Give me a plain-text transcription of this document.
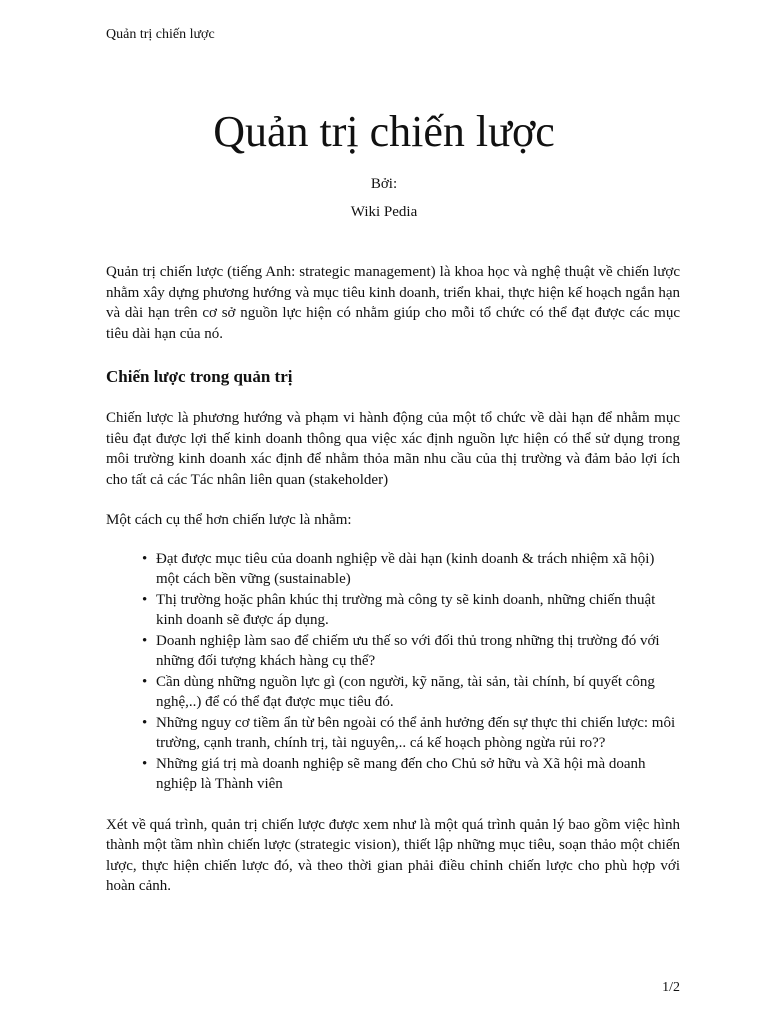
Quản trị chiến lược
Quản trị chiến lược
Bởi:
Wiki Pedia

Quản trị chiến lược (tiếng Anh: strategic management) là khoa học và nghệ thuật về chiến lược nhằm xây dựng phương hướng và mục tiêu kinh doanh, triển khai, thực hiện kế hoạch ngắn hạn và dài hạn trên cơ sở nguồn lực hiện có nhằm giúp cho mỗi tổ chức có thể đạt được các mục tiêu dài hạn của nó.

Chiến lược trong quản trị

Chiến lược là phương hướng và phạm vi hành động của một tổ chức về dài hạn để nhằm mục tiêu đạt được lợi thế kinh doanh thông qua việc xác định nguồn lực hiện có thể sử dụng trong môi trường kinh doanh xác định để nhằm thỏa mãn nhu cầu của thị trường và đảm bảo lợi ích cho tất cả các Tác nhân liên quan (stakeholder)

Một cách cụ thể hơn chiến lược là nhằm:

• Đạt được mục tiêu của doanh nghiệp về dài hạn (kinh doanh & trách nhiệm xã hội) một cách bền vững (sustainable)
• Thị trường hoặc phân khúc thị trường mà công ty sẽ kinh doanh, những chiến thuật kinh doanh sẽ được áp dụng.
• Doanh nghiệp làm sao để chiếm ưu thế so với đối thủ trong những thị trường đó với những đối tượng khách hàng cụ thể?
• Cần dùng những nguồn lực gì (con người, kỹ năng, tài sản, tài chính, bí quyết công nghệ,..) để có thể đạt được mục tiêu đó.
• Những nguy cơ tiềm ẩn từ bên ngoài có thể ảnh hưởng đến sự thực thi chiến lược: môi trường, cạnh tranh, chính trị, tài nguyên,.. cá kế hoạch phòng ngừa rủi ro??
• Những giá trị mà doanh nghiệp sẽ mang đến cho Chủ sở hữu và Xã hội mà doanh nghiệp là Thành viên

Xét về quá trình, quản trị chiến lược được xem như là một quá trình quản lý bao gồm việc hình thành một tầm nhìn chiến lược (strategic vision), thiết lập những mục tiêu, soạn thảo một chiến lược, thực hiện chiến lược đó, và theo thời gian phải điều chỉnh chiến lược cho phù hợp với hoàn cảnh.

1/2
